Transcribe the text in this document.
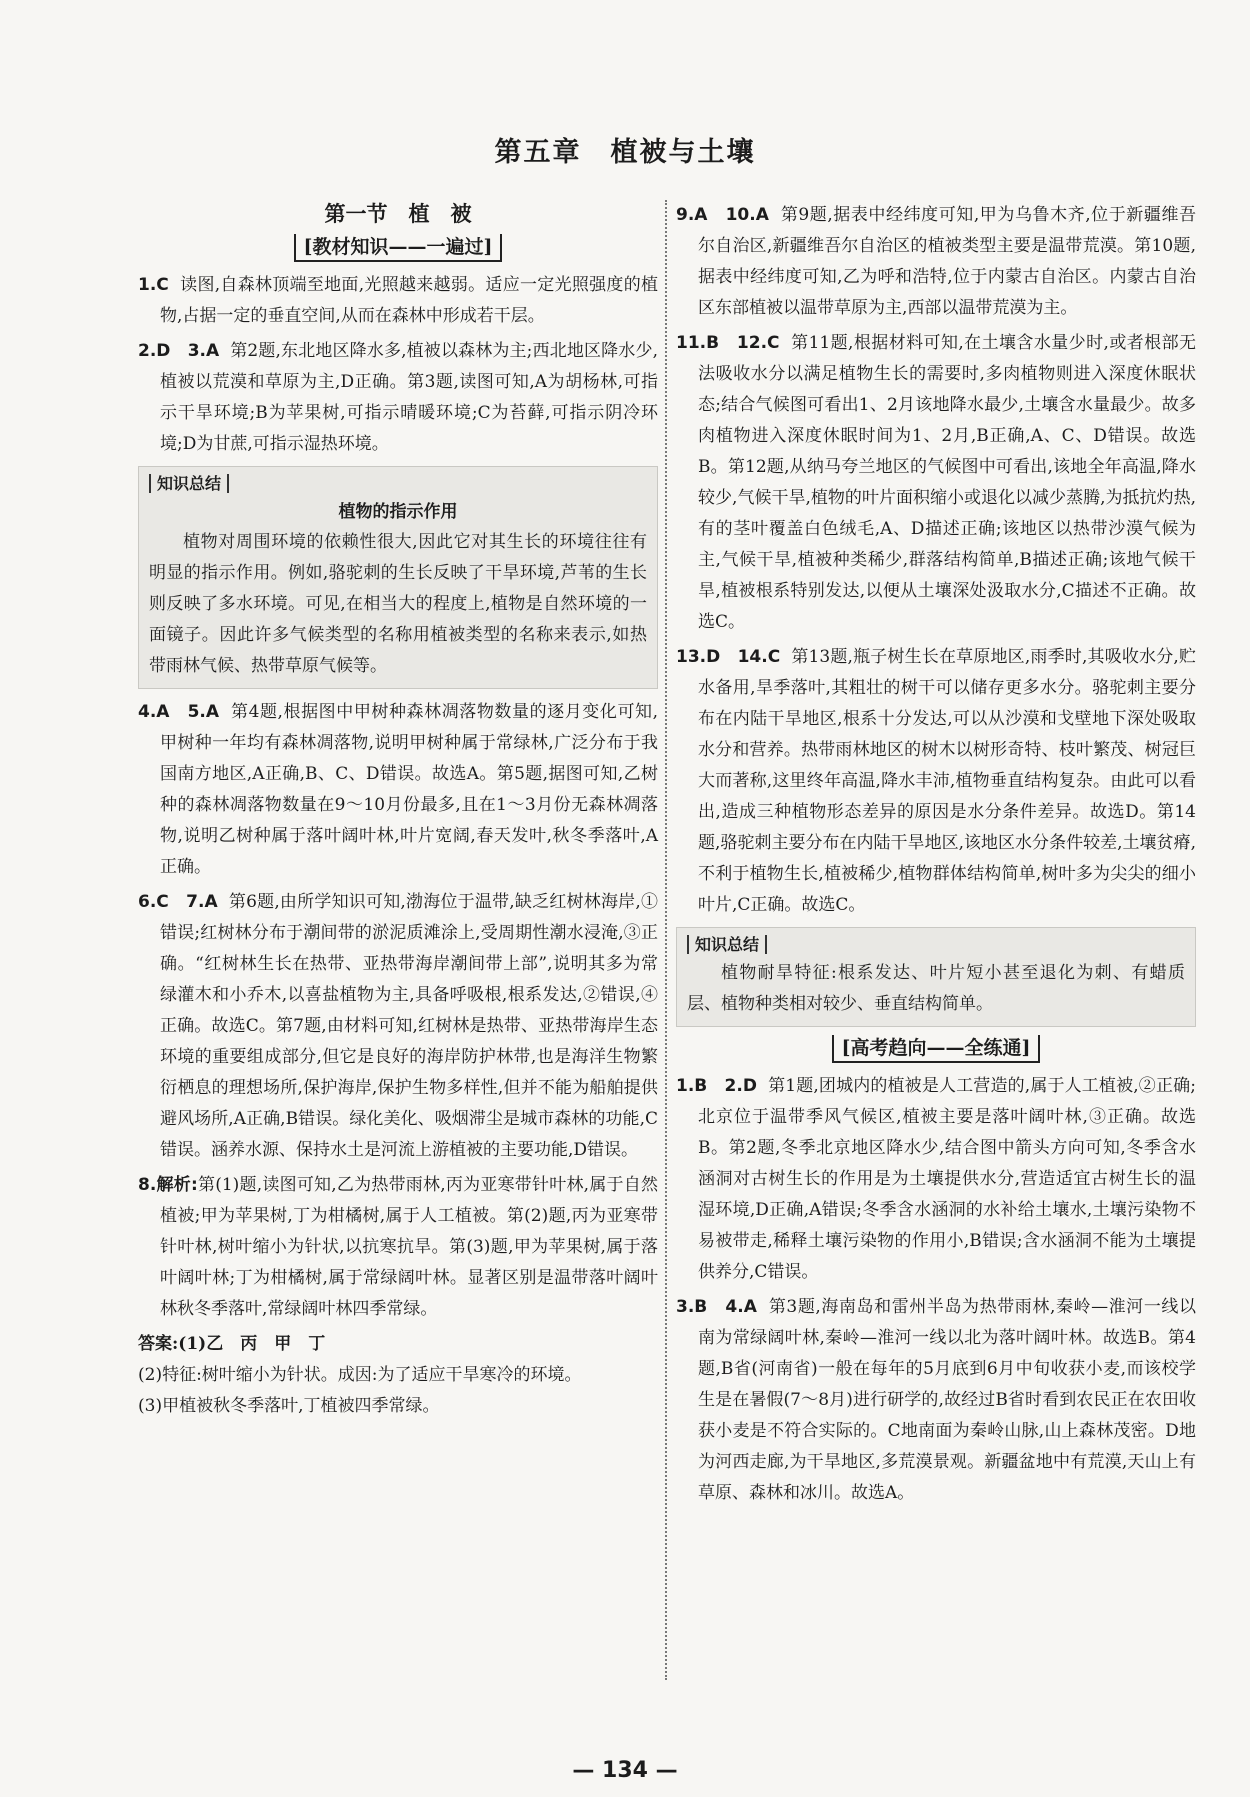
第五章　植被与土壤
第一节　植　被
[教材知识——一遍过]

1.C 读图,自森林顶端至地面,光照越来越弱。适应一定光照强度的植物,占据一定的垂直空间,从而在森林中形成若干层。

2.D　3.A 第2题,东北地区降水多,植被以森林为主;西北地区降水少,植被以荒漠和草原为主,D正确。第3题,读图可知,A为胡杨林,可指示干旱环境;B为苹果树,可指示晴暖环境;C为苔藓,可指示阴冷环境;D为甘蔗,可指示湿热环境。

知识总结
植物的指示作用
植物对周围环境的依赖性很大,因此它对其生长的环境往往有明显的指示作用。例如,骆驼刺的生长反映了干旱环境,芦苇的生长则反映了多水环境。可见,在相当大的程度上,植物是自然环境的一面镜子。因此许多气候类型的名称用植被类型的名称来表示,如热带雨林气候、热带草原气候等。

4.A　5.A 第4题,根据图中甲树种森林凋落物数量的逐月变化可知,甲树种一年均有森林凋落物,说明甲树种属于常绿林,广泛分布于我国南方地区,A正确,B、C、D错误。故选A。第5题,据图可知,乙树种的森林凋落物数量在9～10月份最多,且在1～3月份无森林凋落物,说明乙树种属于落叶阔叶林,叶片宽阔,春天发叶,秋冬季落叶,A正确。

6.C　7.A 第6题,由所学知识可知,渤海位于温带,缺乏红树林海岸,①错误;红树林分布于潮间带的淤泥质滩涂上,受周期性潮水浸淹,③正确。“红树林生长在热带、亚热带海岸潮间带上部”,说明其多为常绿灌木和小乔木,以喜盐植物为主,具备呼吸根,根系发达,②错误,④正确。故选C。第7题,由材料可知,红树林是热带、亚热带海岸生态环境的重要组成部分,但它是良好的海岸防护林带,也是海洋生物繁衍栖息的理想场所,保护海岸,保护生物多样性,但并不能为船舶提供避风场所,A正确,B错误。绿化美化、吸烟滞尘是城市森林的功能,C错误。涵养水源、保持水土是河流上游植被的主要功能,D错误。

8.解析:第(1)题,读图可知,乙为热带雨林,丙为亚寒带针叶林,属于自然植被;甲为苹果树,丁为柑橘树,属于人工植被。第(2)题,丙为亚寒带针叶林,树叶缩小为针状,以抗寒抗旱。第(3)题,甲为苹果树,属于落叶阔叶林;丁为柑橘树,属于常绿阔叶林。显著区别是温带落叶阔叶林秋冬季落叶,常绿阔叶林四季常绿。

答案:(1)乙　丙　甲　丁

(2)特征:树叶缩小为针状。成因:为了适应干旱寒冷的环境。

(3)甲植被秋冬季落叶,丁植被四季常绿。

9.A　10.A 第9题,据表中经纬度可知,甲为乌鲁木齐,位于新疆维吾尔自治区,新疆维吾尔自治区的植被类型主要是温带荒漠。第10题,据表中经纬度可知,乙为呼和浩特,位于内蒙古自治区。内蒙古自治区东部植被以温带草原为主,西部以温带荒漠为主。

11.B　12.C 第11题,根据材料可知,在土壤含水量少时,或者根部无法吸收水分以满足植物生长的需要时,多肉植物则进入深度休眠状态;结合气候图可看出1、2月该地降水最少,土壤含水量最少。故多肉植物进入深度休眠时间为1、2月,B正确,A、C、D错误。故选B。第12题,从纳马夸兰地区的气候图中可看出,该地全年高温,降水较少,气候干旱,植物的叶片面积缩小或退化以减少蒸腾,为抵抗灼热,有的茎叶覆盖白色绒毛,A、D描述正确;该地区以热带沙漠气候为主,气候干旱,植被种类稀少,群落结构简单,B描述正确;该地气候干旱,植被根系特别发达,以便从土壤深处汲取水分,C描述不正确。故选C。

13.D　14.C 第13题,瓶子树生长在草原地区,雨季时,其吸收水分,贮水备用,旱季落叶,其粗壮的树干可以储存更多水分。骆驼刺主要分布在内陆干旱地区,根系十分发达,可以从沙漠和戈壁地下深处吸取水分和营养。热带雨林地区的树木以树形奇特、枝叶繁茂、树冠巨大而著称,这里终年高温,降水丰沛,植物垂直结构复杂。由此可以看出,造成三种植物形态差异的原因是水分条件差异。故选D。第14题,骆驼刺主要分布在内陆干旱地区,该地区水分条件较差,土壤贫瘠,不利于植物生长,植被稀少,植物群体结构简单,树叶多为尖尖的细小叶片,C正确。故选C。

知识总结
植物耐旱特征:根系发达、叶片短小甚至退化为刺、有蜡质层、植物种类相对较少、垂直结构简单。
[高考趋向——全练通]

1.B　2.D 第1题,团城内的植被是人工营造的,属于人工植被,②正确;北京位于温带季风气候区,植被主要是落叶阔叶林,③正确。故选B。第2题,冬季北京地区降水少,结合图中箭头方向可知,冬季含水涵洞对古树生长的作用是为土壤提供水分,营造适宜古树生长的温湿环境,D正确,A错误;冬季含水涵洞的水补给土壤水,土壤污染物不易被带走,稀释土壤污染物的作用小,B错误;含水涵洞不能为土壤提供养分,C错误。

3.B　4.A 第3题,海南岛和雷州半岛为热带雨林,秦岭—淮河一线以南为常绿阔叶林,秦岭—淮河一线以北为落叶阔叶林。故选B。第4题,B省(河南省)一般在每年的5月底到6月中旬收获小麦,而该校学生是在暑假(7～8月)进行研学的,故经过B省时看到农民正在农田收获小麦是不符合实际的。C地南面为秦岭山脉,山上森林茂密。D地为河西走廊,为干旱地区,多荒漠景观。新疆盆地中有荒漠,天山上有草原、森林和冰川。故选A。

— 134 —
